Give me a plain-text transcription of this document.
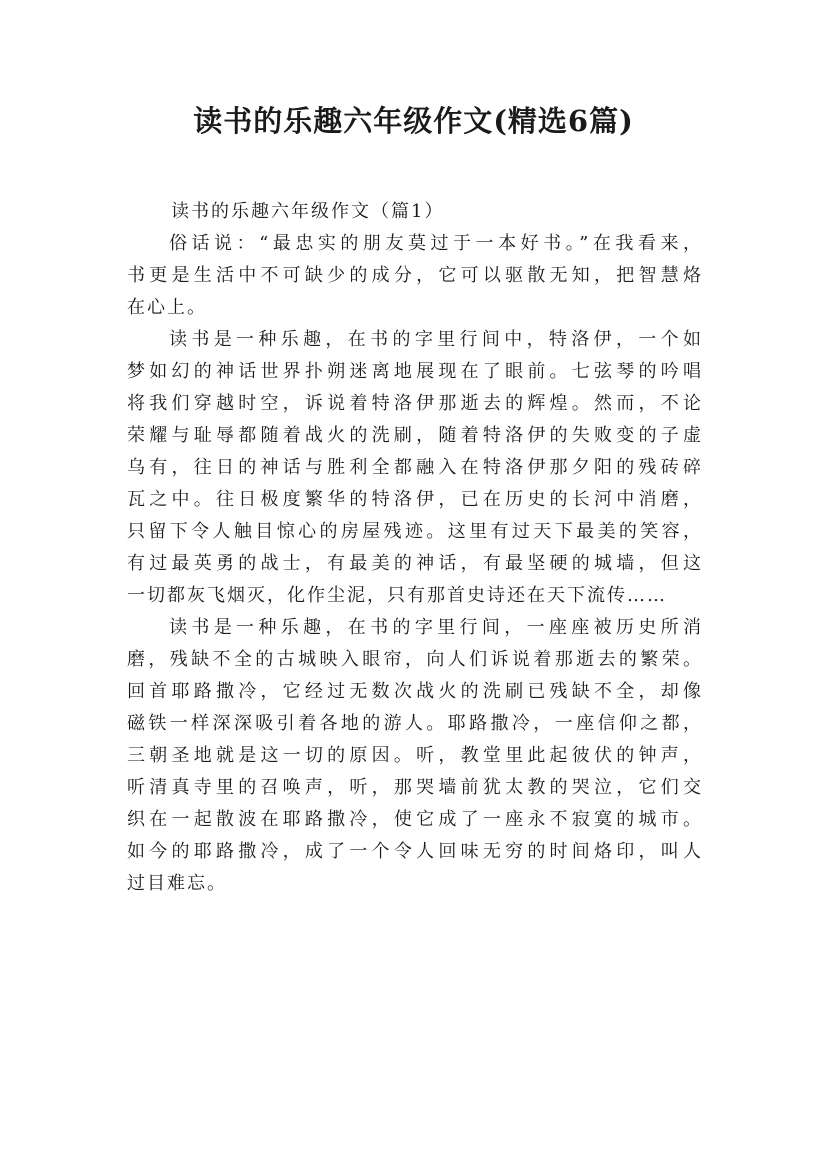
读书的乐趣六年级作文(精选6篇)

读书的乐趣六年级作文（篇1）

俗话说：“最忠实的朋友莫过于一本好书。”在我看来，
书更是生活中不可缺少的成分，它可以驱散无知，把智慧烙
在心上。
读书是一种乐趣，在书的字里行间中，特洛伊，一个如
梦如幻的神话世界扑朔迷离地展现在了眼前。七弦琴的吟唱
将我们穿越时空，诉说着特洛伊那逝去的辉煌。然而，不论
荣耀与耻辱都随着战火的洗刷，随着特洛伊的失败变的子虚
乌有，往日的神话与胜利全都融入在特洛伊那夕阳的残砖碎
瓦之中。往日极度繁华的特洛伊，已在历史的长河中消磨，
只留下令人触目惊心的房屋残迹。这里有过天下最美的笑容，
有过最英勇的战士，有最美的神话，有最坚硬的城墙，但这
一切都灰飞烟灭，化作尘泥，只有那首史诗还在天下流传……
读书是一种乐趣，在书的字里行间，一座座被历史所消
磨，残缺不全的古城映入眼帘，向人们诉说着那逝去的繁荣。
回首耶路撒冷，它经过无数次战火的洗刷已残缺不全，却像
磁铁一样深深吸引着各地的游人。耶路撒冷，一座信仰之都，
三朝圣地就是这一切的原因。听，教堂里此起彼伏的钟声，
听清真寺里的召唤声，听，那哭墙前犹太教的哭泣，它们交
织在一起散波在耶路撒冷，使它成了一座永不寂寞的城市。
如今的耶路撒冷，成了一个令人回味无穷的时间烙印，叫人
过目难忘。
